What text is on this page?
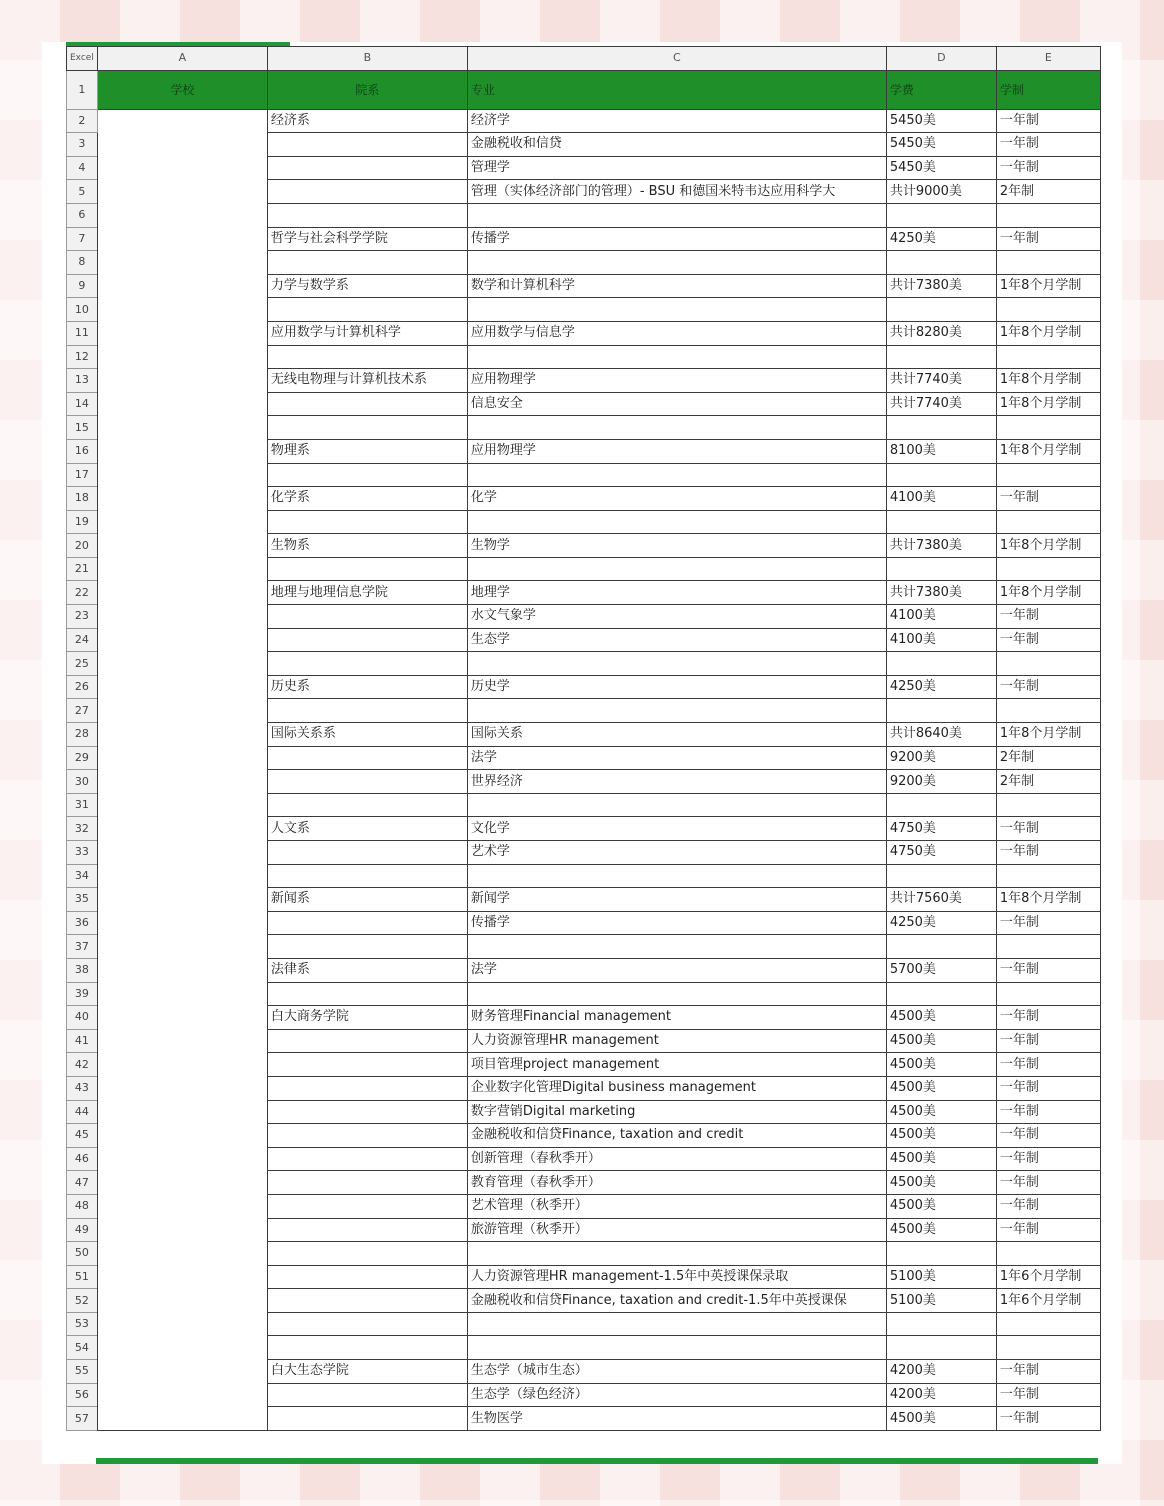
Excel	A	B	C	D	E
1	学校	院系	专业	学费	学制
2		经济系	经济学	5450美	一年制
3			金融税收和信贷	5450美	一年制
4			管理学	5450美	一年制
5			管理（实体经济部门的管理）- BSU 和德国米特韦达应用科学大	共计9000美	2年制
6					
7		哲学与社会科学学院	传播学	4250美	一年制
8					
9		力学与数学系	数学和计算机科学	共计7380美	1年8个月学制
10					
11		应用数学与计算机科学	应用数学与信息学	共计8280美	1年8个月学制
12					
13		无线电物理与计算机技术系	应用物理学	共计7740美	1年8个月学制
14			信息安全	共计7740美	1年8个月学制
15					
16		物理系	应用物理学	8100美	1年8个月学制
17					
18		化学系	化学	4100美	一年制
19					
20		生物系	生物学	共计7380美	1年8个月学制
21					
22		地理与地理信息学院	地理学	共计7380美	1年8个月学制
23			水文气象学	4100美	一年制
24			生态学	4100美	一年制
25					
26		历史系	历史学	4250美	一年制
27					
28		国际关系系	国际关系	共计8640美	1年8个月学制
29			法学	9200美	2年制
30			世界经济	9200美	2年制
31					
32		人文系	文化学	4750美	一年制
33			艺术学	4750美	一年制
34					
35		新闻系	新闻学	共计7560美	1年8个月学制
36			传播学	4250美	一年制
37					
38		法律系	法学	5700美	一年制
39					
40		白大商务学院	财务管理Financial management	4500美	一年制
41			人力资源管理HR management	4500美	一年制
42			项目管理project management	4500美	一年制
43			企业数字化管理Digital business management	4500美	一年制
44			数字营销Digital marketing	4500美	一年制
45			金融税收和信贷Finance, taxation and credit	4500美	一年制
46			创新管理（春秋季开）	4500美	一年制
47			教育管理（春秋季开）	4500美	一年制
48			艺术管理（秋季开）	4500美	一年制
49			旅游管理（秋季开）	4500美	一年制
50					
51			人力资源管理HR management-1.5年中英授课保录取	5100美	1年6个月学制
52			金融税收和信贷Finance, taxation and credit-1.5年中英授课保	5100美	1年6个月学制
53					
54					
55		白大生态学院	生态学（城市生态）	4200美	一年制
56			生态学（绿色经济）	4200美	一年制
57			生物医学	4500美	一年制
